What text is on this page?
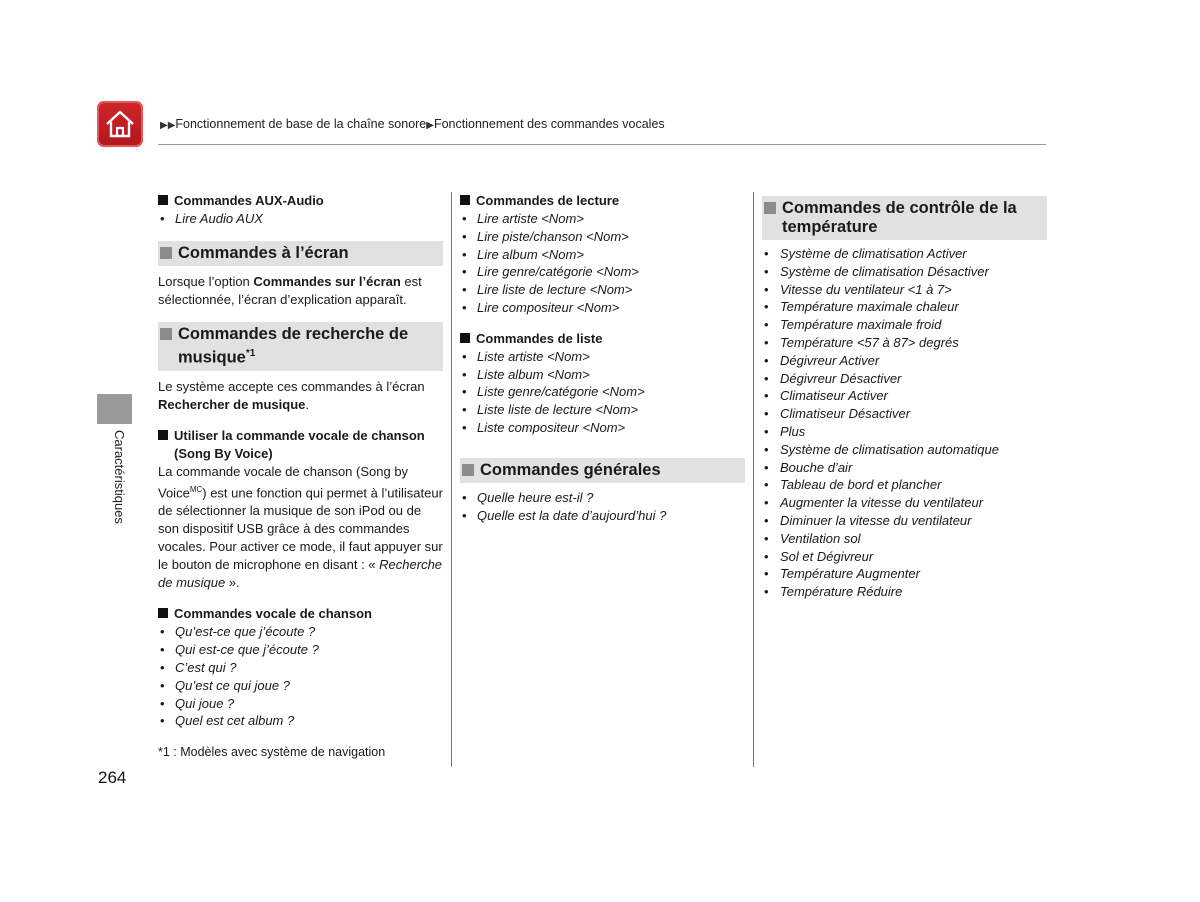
▶▶Fonctionnement de base de la chaîne sonore▶Fonctionnement des commandes vocales
Caractéristiques
Commandes AUX-Audio
• Lire Audio AUX
Commandes à l’écran

Lorsque l’option Commandes sur l’écran est sélectionnée, l’écran d’explication apparaît.

Commandes de recherche de musique$^{*1}$

Le système accepte ces commandes à l’écran Rechercher de musique.

Utiliser la commande vocale de chanson (Song By Voice)

La commande vocale de chanson (Song by Voice$^{MC}$) est une fonction qui permet à l’utilisateur de sélectionner la musique de son iPod ou de son dispositif USB grâce à des commandes vocales. Pour activer ce mode, il faut appuyer sur le bouton de microphone en disant : « Recherche de musique ».

Commandes vocale de chanson
• Qu’est-ce que j’écoute ?
• Qui est-ce que j’écoute ?
• C’est qui ?
• Qu’est ce qui joue ?
• Qui joue ?
• Quel est cet album ?

*1 : Modèles avec système de navigation

Commandes de lecture
• Lire artiste <Nom>
• Lire piste/chanson <Nom>
• Lire album <Nom>
• Lire genre/catégorie <Nom>
• Lire liste de lecture <Nom>
• Lire compositeur <Nom>
Commandes de liste
• Liste artiste <Nom>
• Liste album <Nom>
• Liste genre/catégorie <Nom>
• Liste liste de lecture <Nom>
• Liste compositeur <Nom>
Commandes générales
• Quelle heure est-il ?
• Quelle est la date d’aujourd’hui ?
Commandes de contrôle de la température
• Système de climatisation Activer
• Système de climatisation Désactiver
• Vitesse du ventilateur <1 à 7>
• Température maximale chaleur
• Température maximale froid
• Température <57 à 87> degrés
• Dégivreur Activer
• Dégivreur Désactiver
• Climatiseur Activer
• Climatiseur Désactiver
• Plus
• Système de climatisation automatique
• Bouche d’air
• Tableau de bord et plancher
• Augmenter la vitesse du ventilateur
• Diminuer la vitesse du ventilateur
• Ventilation sol
• Sol et Dégivreur
• Température Augmenter
• Température Réduire
264
